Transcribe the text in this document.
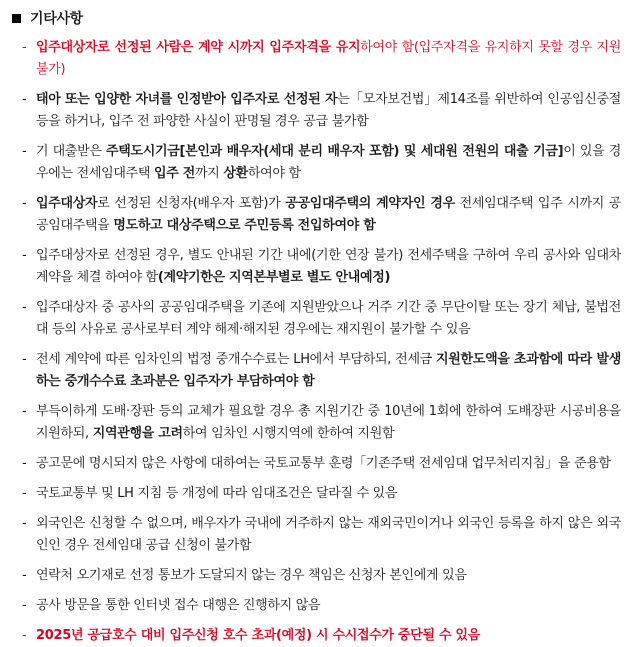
기타사항
- 입주대상자로 선정된 사람은 계약 시까지 입주자격을 유지하여야 함(입주자격을 유지하지 못할 경우 지원불가)
- 태아 또는 입양한 자녀를 인정받아 입주자로 선정된 자는「모자보건법」제14조를 위반하여 인공임신중절 등을 하거나, 입주 전 파양한 사실이 판명될 경우 공급 불가함
- 기 대출받은 주택도시기금[본인과 배우자(세대 분리 배우자 포함) 및 세대원 전원의 대출 기금]이 있을 경우에는 전세임대주택 입주 전까지 상환하여야 함
- 입주대상자로 선정된 신청자(배우자 포함)가 공공임대주택의 계약자인 경우 전세임대주택 입주 시까지 공공임대주택을 명도하고 대상주택으로 주민등록 전입하여야 함
- 입주대상자로 선정된 경우, 별도 안내된 기간 내에(기한 연장 불가) 전세주택을 구하여 우리 공사와 임대차계약을 체결 하여야 함(계약기한은 지역본부별로 별도 안내예정)
- 입주대상자 중 공사의 공공임대주택을 기존에 지원받았으나 거주 기간 중 무단이탈 또는 장기 체납, 불법전대 등의 사유로 공사로부터 계약 해제·해지된 경우에는 재지원이 불가할 수 있음
- 전세 계약에 따른 임차인의 법정 중개수수료는 LH에서 부담하되, 전세금 지원한도액을 초과함에 따라 발생하는 중개수수료 초과분은 입주자가 부담하여야 함
- 부득이하게 도배·장판 등의 교체가 필요할 경우 총 지원기간 중 10년에 1회에 한하여 도배장판 시공비용을 지원하되, 지역관행을 고려하여 임차인 시행지역에 한하여 지원함
- 공고문에 명시되지 않은 사항에 대하여는 국토교통부 훈령「기존주택 전세임대 업무처리지침」을 준용함
- 국토교통부 및 LH 지침 등 개정에 따라 임대조건은 달라질 수 있음
- 외국인은 신청할 수 없으며, 배우자가 국내에 거주하지 않는 재외국민이거나 외국인 등록을 하지 않은 외국인인 경우 전세임대 공급 신청이 불가함
- 연락처 오기재로 선정 통보가 도달되지 않는 경우 책임은 신청자 본인에게 있음
- 공사 방문을 통한 인터넷 접수 대행은 진행하지 않음
- 2025년 공급호수 대비 입주신청 호수 초과(예정) 시 수시접수가 중단될 수 있음
